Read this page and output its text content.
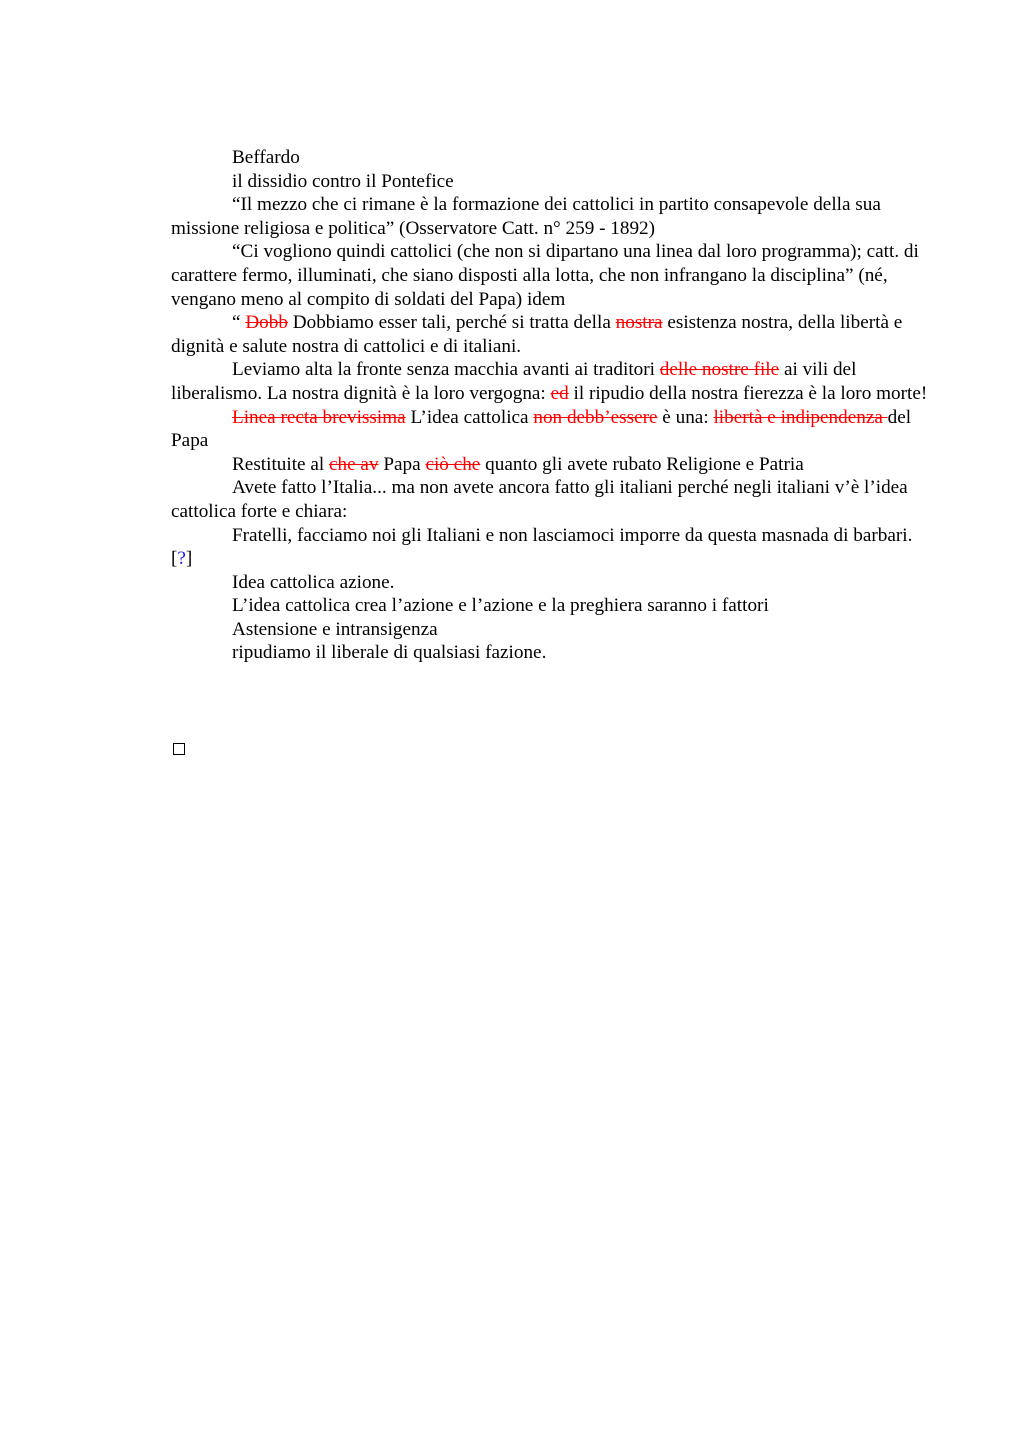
Beffardo

il dissidio contro il Pontefice

“Il mezzo che ci rimane è la formazione dei cattolici in partito consapevole della sua missione religiosa e politica” (Osservatore Catt. n° 259 - 1892)

“Ci vogliono quindi cattolici (che non si dipartano una linea dal loro programma); catt. di carattere fermo, illuminati, che siano disposti alla lotta, che non infrangano la disciplina” (né, vengano meno al compito di soldati del Papa) idem

“ Dobb Dobbiamo esser tali, perché si tratta della nostra esistenza nostra, della libertà e dignità e salute nostra di cattolici e di italiani.

Leviamo alta la fronte senza macchia avanti ai traditori delle nostre file ai vili del liberalismo. La nostra dignità è la loro vergogna: ed il ripudio della nostra fierezza è la loro morte!

Linea recta brevissima L’idea cattolica non debb’essere è una: libertà e indipendenza del Papa

Restituite al che av Papa ciò che quanto gli avete rubato Religione e Patria

Avete fatto l’Italia... ma non avete ancora fatto gli italiani perché negli italiani v’è l’idea cattolica forte e chiara:

Fratelli, facciamo noi gli Italiani e non lasciamoci imporre da questa masnada di barbari. [?]

Idea cattolica azione.

L’idea cattolica crea l’azione e l’azione e la preghiera saranno i fattori

Astensione e intransigenza

ripudiamo il liberale di qualsiasi fazione.
